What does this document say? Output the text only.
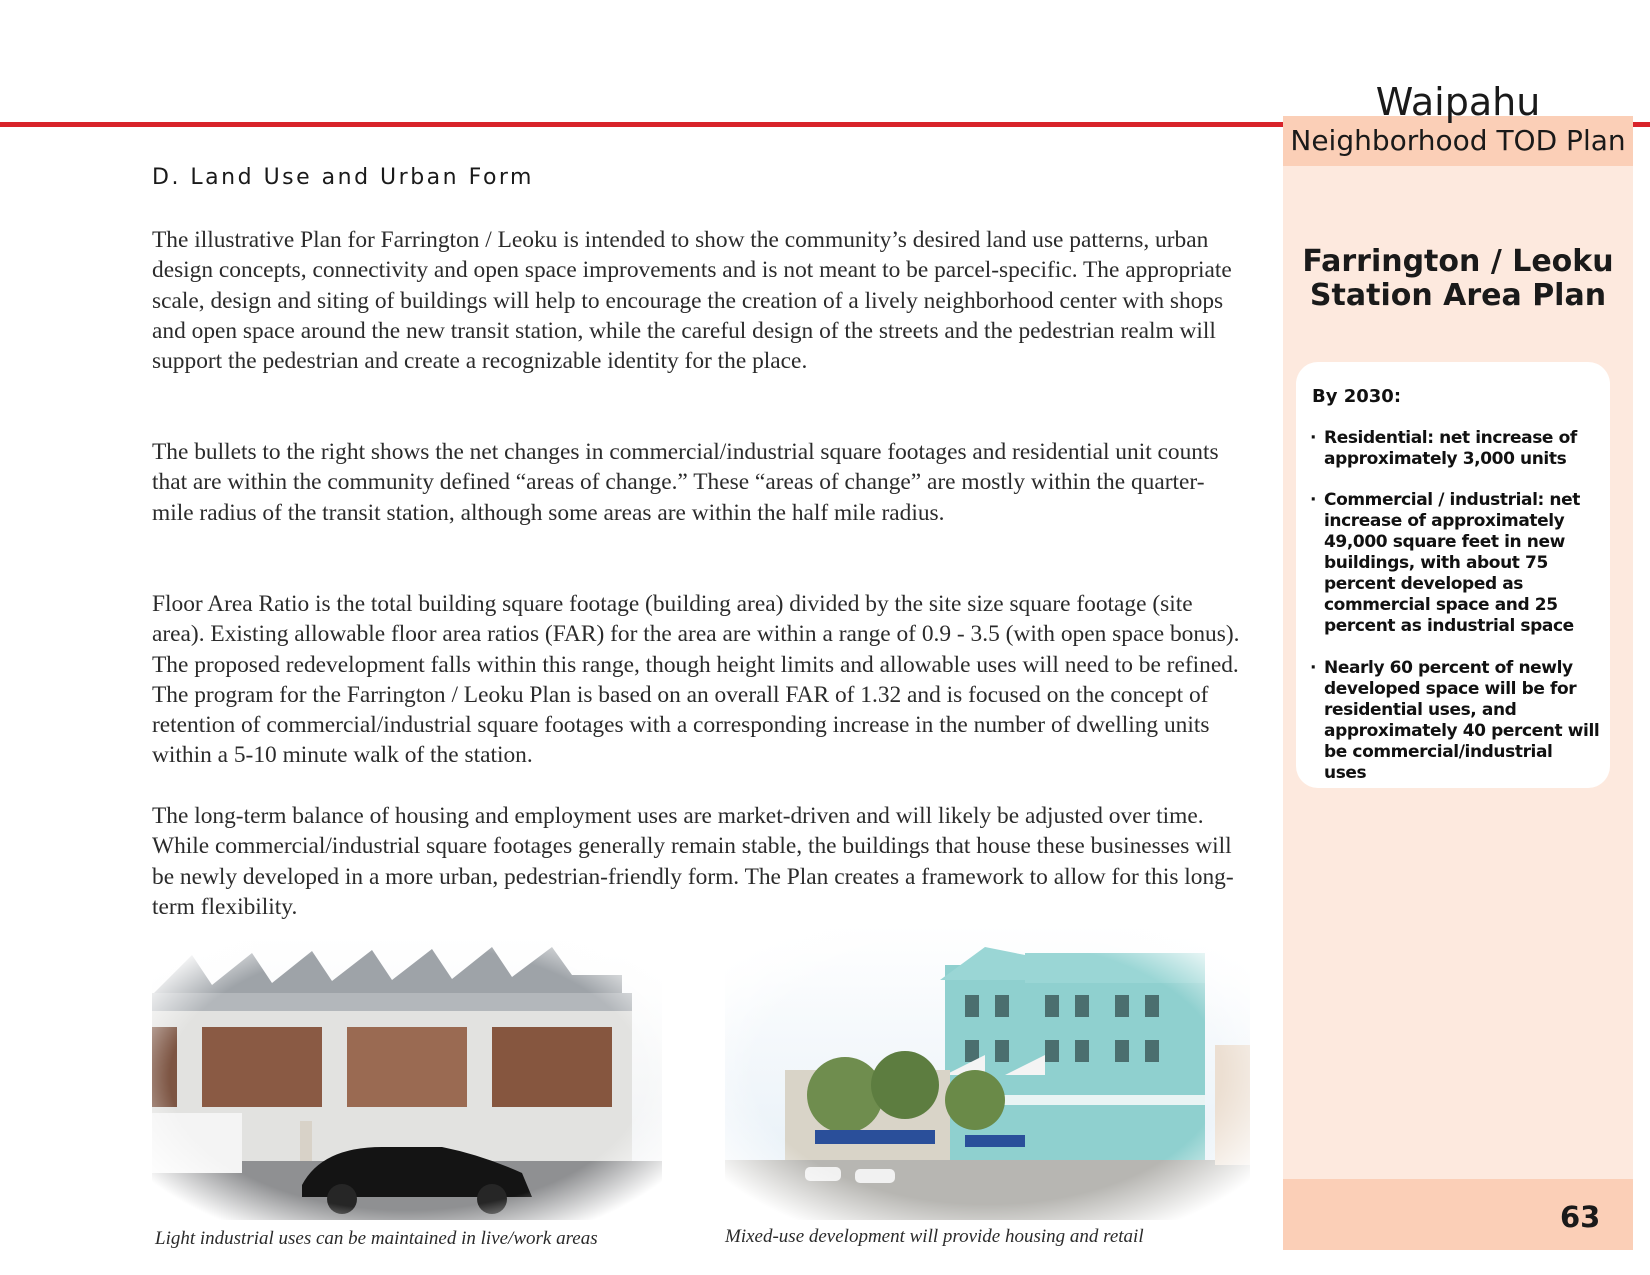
Waipahu
Neighborhood TOD Plan
Farrington / Leoku
Station Area Plan
By 2030:
· Residential: net increase of approximately 3,000 units
· Commercial / industrial: net increase of approximately 49,000 square feet in new buildings, with about 75 percent developed as commercial space and 25 percent as industrial space
· Nearly 60 percent of newly developed space will be for residential uses, and approximately 40 percent will be commercial/industrial uses
63
D. Land Use and Urban Form

The illustrative Plan for Farrington / Leoku is intended to show the community’s desired land use patterns, urban design concepts, connectivity and open space improvements and is not meant to be parcel-specific. The appropriate scale, design and siting of buildings will help to encourage the creation of a lively neighborhood center with shops and open space around the new transit station, while the careful design of the streets and the pedestrian realm will support the pedestrian and create a recognizable identity for the place.

The bullets to the right shows the net changes in commercial/industrial square footages and residential unit counts that are within the community defined “areas of change.” These “areas of change” are mostly within the quarter-mile radius of the transit station, although some areas are within the half mile radius.

Floor Area Ratio is the total building square footage (building area) divided by the site size square footage (site area). Existing allowable floor area ratios (FAR) for the area are within a range of 0.9 - 3.5 (with open space bonus). The proposed redevelopment falls within this range, though height limits and allowable uses will need to be refined. The program for the Farrington / Leoku Plan is based on an overall FAR of 1.32 and is focused on the concept of retention of commercial/industrial square footages with a corresponding increase in the number of dwelling units within a 5-10 minute walk of the station.

The long-term balance of housing and employment uses are market-driven and will likely be adjusted over time. While commercial/industrial square footages generally remain stable, the buildings that house these businesses will be newly developed in a more urban, pedestrian-friendly form. The Plan creates a framework to allow for this long-term flexibility.

Light industrial uses can be maintained in live/work areas	Mixed-use development will provide housing and retail
